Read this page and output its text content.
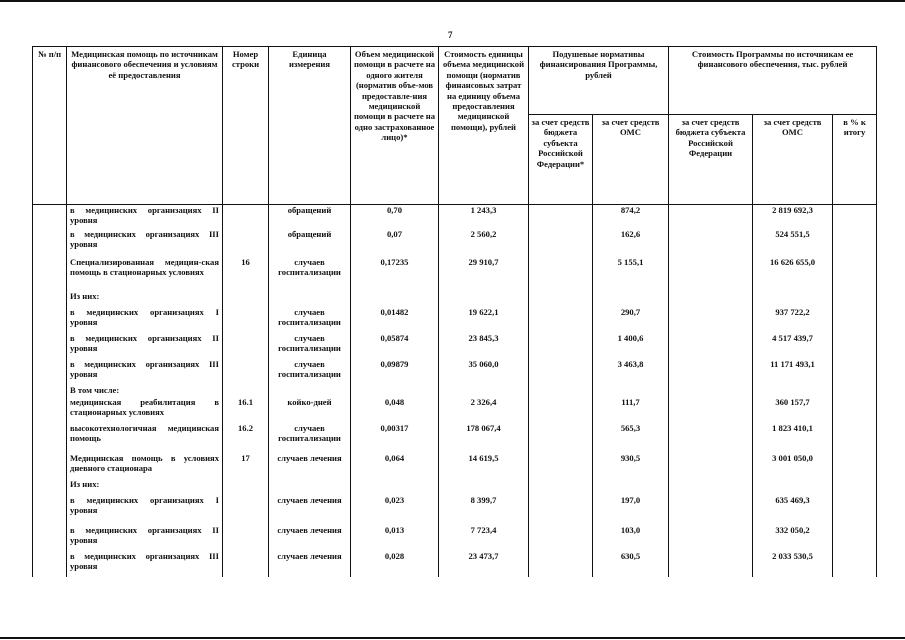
7
№ п/п	Медицинская помощь по источникам финансового обеспечения и условиям её предоставления	Номер строки	Единица измерения	Объем медицинской помощи в расчете на одного жителя (норматив объе-мов предоставле-ния медицинской помощи в расчете на одно застрахованное лицо)*	Стоимость единицы объема медицинской помощи (норматив финансовых затрат на единицу объема предоставления медицинской помощи), рублей	Подушевые нормативы финансирования Программы, рублей		Стоимость Программы по источникам ее финансового обеспечения, тыс. рублей		
						за счет средств бюджета субъекта Российской Федерации*	за счет средств ОМС	за счет средств бюджета субъекта Российской Федерации	за счет средств ОМС	в % к итогу
	в медицинских организациях II уровня		обращений	0,70	1 243,3		874,2		2 819 692,3	
	в медицинских организациях III уровня		обращений	0,07	2 560,2		162,6		524 551,5	
	Специализированная медицин-ская помощь в стационарных условиях	16	случаев госпитализации	0,17235	29 910,7		5 155,1		16 626 655,0	
	Из них:									
	в медицинских организациях I уровня		случаев госпитализации	0,01482	19 622,1		290,7		937 722,2	
	в медицинских организациях II уровня		случаев госпитализации	0,05874	23 845,3		1 400,6		4 517 439,7	
	в медицинских организациях III уровня		случаев госпитализации	0,09879	35 060,0		3 463,8		11 171 493,1	
	В том числе:									
	медицинская реабилитация в стационарных условиях	16.1	койко-дней	0,048	2 326,4		111,7		360 157,7	
	высокотехнологичная медицинская помощь	16.2	случаев госпитализации	0,00317	178 067,4		565,3		1 823 410,1	
	Медицинская помощь в условиях дневного стационара	17	случаев лечения	0,064	14 619,5		930,5		3 001 050,0	
	Из них:									
	в медицинских организациях I уровня		случаев лечения	0,023	8 399,7		197,0		635 469,3	
	в медицинских организациях II уровня		случаев лечения	0,013	7 723,4		103,0		332 050,2	
	в медицинских организациях III уровня		случаев лечения	0,028	23 473,7		630,5		2 033 530,5	
